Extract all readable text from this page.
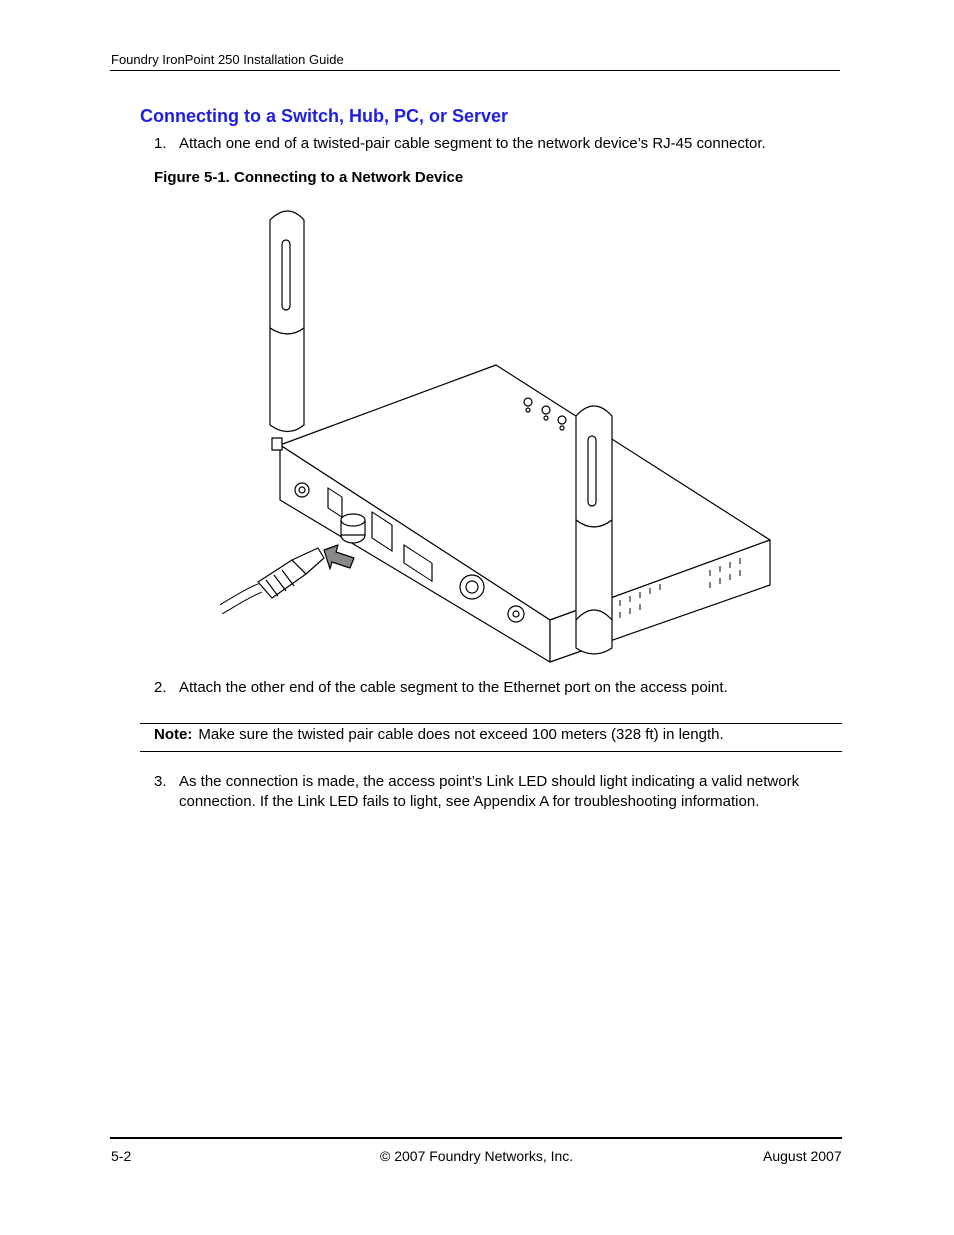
Foundry IronPoint 250 Installation Guide
Connecting to a Switch, Hub, PC, or Server
1. Attach one end of a twisted-pair cable segment to the network device’s RJ-45 connector.
Figure 5-1. Connecting to a Network Device
2. Attach the other end of the cable segment to the Ethernet port on the access point.
Note: Make sure the twisted pair cable does not exceed 100 meters (328 ft) in length.
3. As the connection is made, the access point’s Link LED should light indicating a valid network connection. If the Link LED fails to light, see Appendix A for troubleshooting information.
5-2	© 2007 Foundry Networks, Inc.	August 2007
